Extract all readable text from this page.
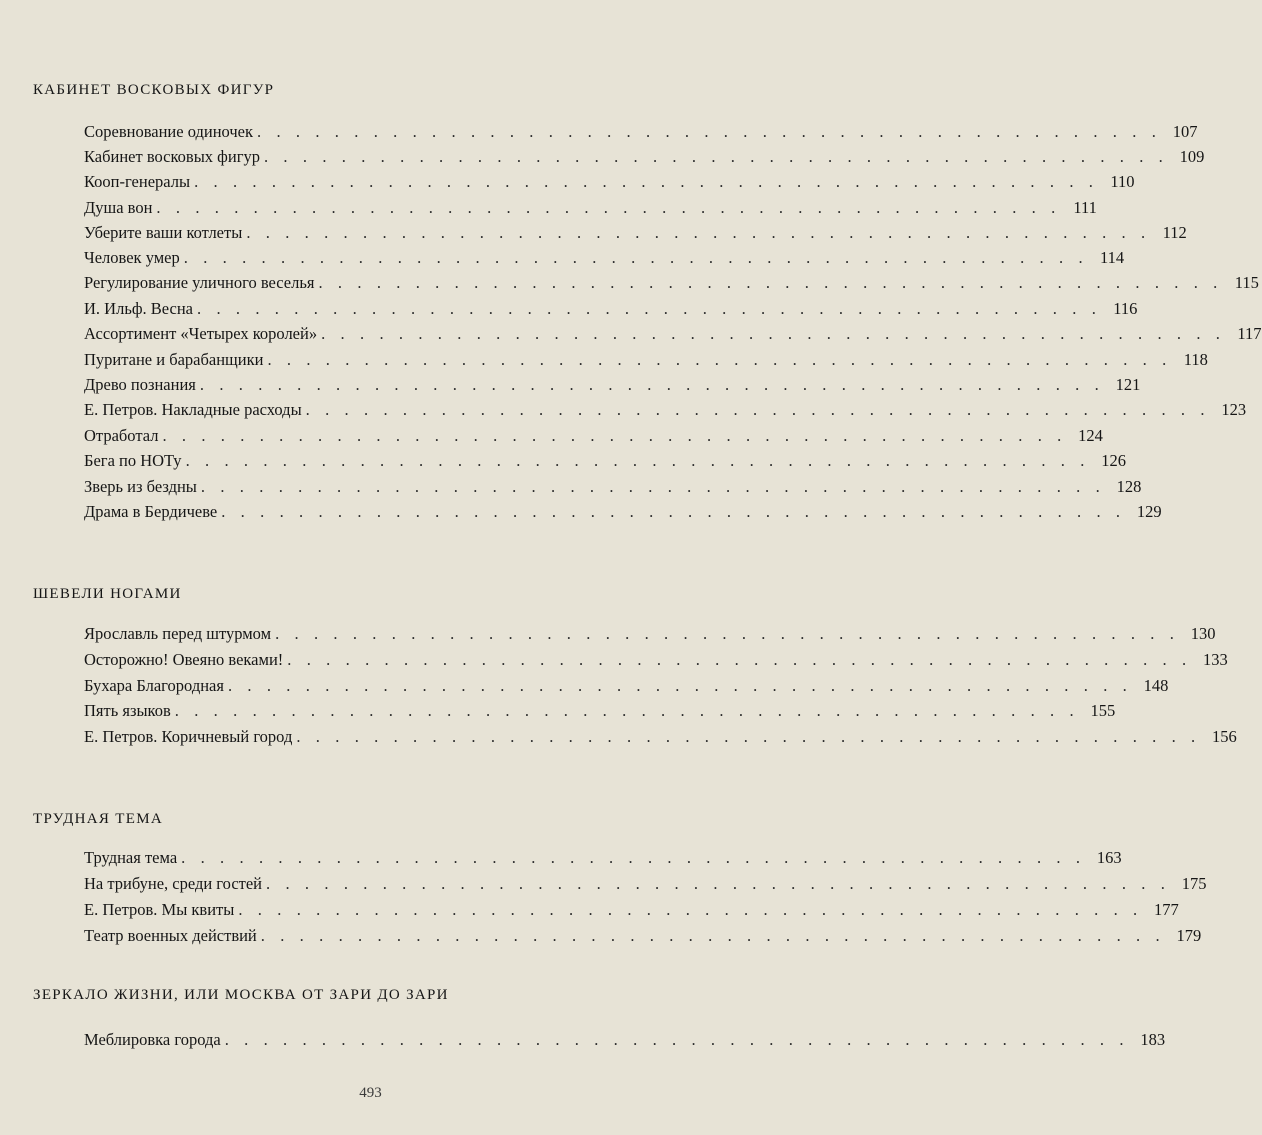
КАБИНЕТ ВОСКОВЫХ ФИГУР
Соревнование одиночек . . . . . . . . . . . . . . . . . . . . . . . . . . . . . . . . . . . . . . . . . . . . . . . 107
Кабинет восковых фигур . . . . . . . . . . . . . . . . . . . . . . . . . . . . . . . . . . . . . . . . . . . . . . . 109
Кооп-генералы . . . . . . . . . . . . . . . . . . . . . . . . . . . . . . . . . . . . . . . . . . . . . . . 110
Душа вон . . . . . . . . . . . . . . . . . . . . . . . . . . . . . . . . . . . . . . . . . . . . . . . 111
Уберите ваши котлеты . . . . . . . . . . . . . . . . . . . . . . . . . . . . . . . . . . . . . . . . . . . . . . . 112
Человек умер . . . . . . . . . . . . . . . . . . . . . . . . . . . . . . . . . . . . . . . . . . . . . . . 114
Регулирование уличного веселья . . . . . . . . . . . . . . . . . . . . . . . . . . . . . . . . . . . . . . . . . . . . . . . 115
И. Ильф. Весна . . . . . . . . . . . . . . . . . . . . . . . . . . . . . . . . . . . . . . . . . . . . . . . 116
Ассортимент «Четырех королей» . . . . . . . . . . . . . . . . . . . . . . . . . . . . . . . . . . . . . . . . . . . . . . . 117
Пуритане и барабанщики . . . . . . . . . . . . . . . . . . . . . . . . . . . . . . . . . . . . . . . . . . . . . . . 118
Древо познания . . . . . . . . . . . . . . . . . . . . . . . . . . . . . . . . . . . . . . . . . . . . . . . 121
Е. Петров. Накладные расходы . . . . . . . . . . . . . . . . . . . . . . . . . . . . . . . . . . . . . . . . . . . . . . . 123
Отработал . . . . . . . . . . . . . . . . . . . . . . . . . . . . . . . . . . . . . . . . . . . . . . . 124
Бега по НОТу . . . . . . . . . . . . . . . . . . . . . . . . . . . . . . . . . . . . . . . . . . . . . . . 126
Зверь из бездны . . . . . . . . . . . . . . . . . . . . . . . . . . . . . . . . . . . . . . . . . . . . . . . 128
Драма в Бердичеве . . . . . . . . . . . . . . . . . . . . . . . . . . . . . . . . . . . . . . . . . . . . . . . 129
ШЕВЕЛИ НОГАМИ
Ярославль перед штурмом . . . . . . . . . . . . . . . . . . . . . . . . . . . . . . . . . . . . . . . . . . . . . . . 130
Осторожно! Овеяно веками! . . . . . . . . . . . . . . . . . . . . . . . . . . . . . . . . . . . . . . . . . . . . . . . 133
Бухара Благородная . . . . . . . . . . . . . . . . . . . . . . . . . . . . . . . . . . . . . . . . . . . . . . . 148
Пять языков . . . . . . . . . . . . . . . . . . . . . . . . . . . . . . . . . . . . . . . . . . . . . . . 155
Е. Петров. Коричневый город . . . . . . . . . . . . . . . . . . . . . . . . . . . . . . . . . . . . . . . . . . . . . . . 156
ТРУДНАЯ ТЕМА
Трудная тема . . . . . . . . . . . . . . . . . . . . . . . . . . . . . . . . . . . . . . . . . . . . . . . 163
На трибуне, среди гостей . . . . . . . . . . . . . . . . . . . . . . . . . . . . . . . . . . . . . . . . . . . . . . . 175
Е. Петров. Мы квиты . . . . . . . . . . . . . . . . . . . . . . . . . . . . . . . . . . . . . . . . . . . . . . . 177
Театр военных действий . . . . . . . . . . . . . . . . . . . . . . . . . . . . . . . . . . . . . . . . . . . . . . . 179
ЗЕРКАЛО ЖИЗНИ, ИЛИ МОСКВА ОТ ЗАРИ ДО ЗАРИ
Меблировка города . . . . . . . . . . . . . . . . . . . . . . . . . . . . . . . . . . . . . . . . . . . . . . . 183
493
